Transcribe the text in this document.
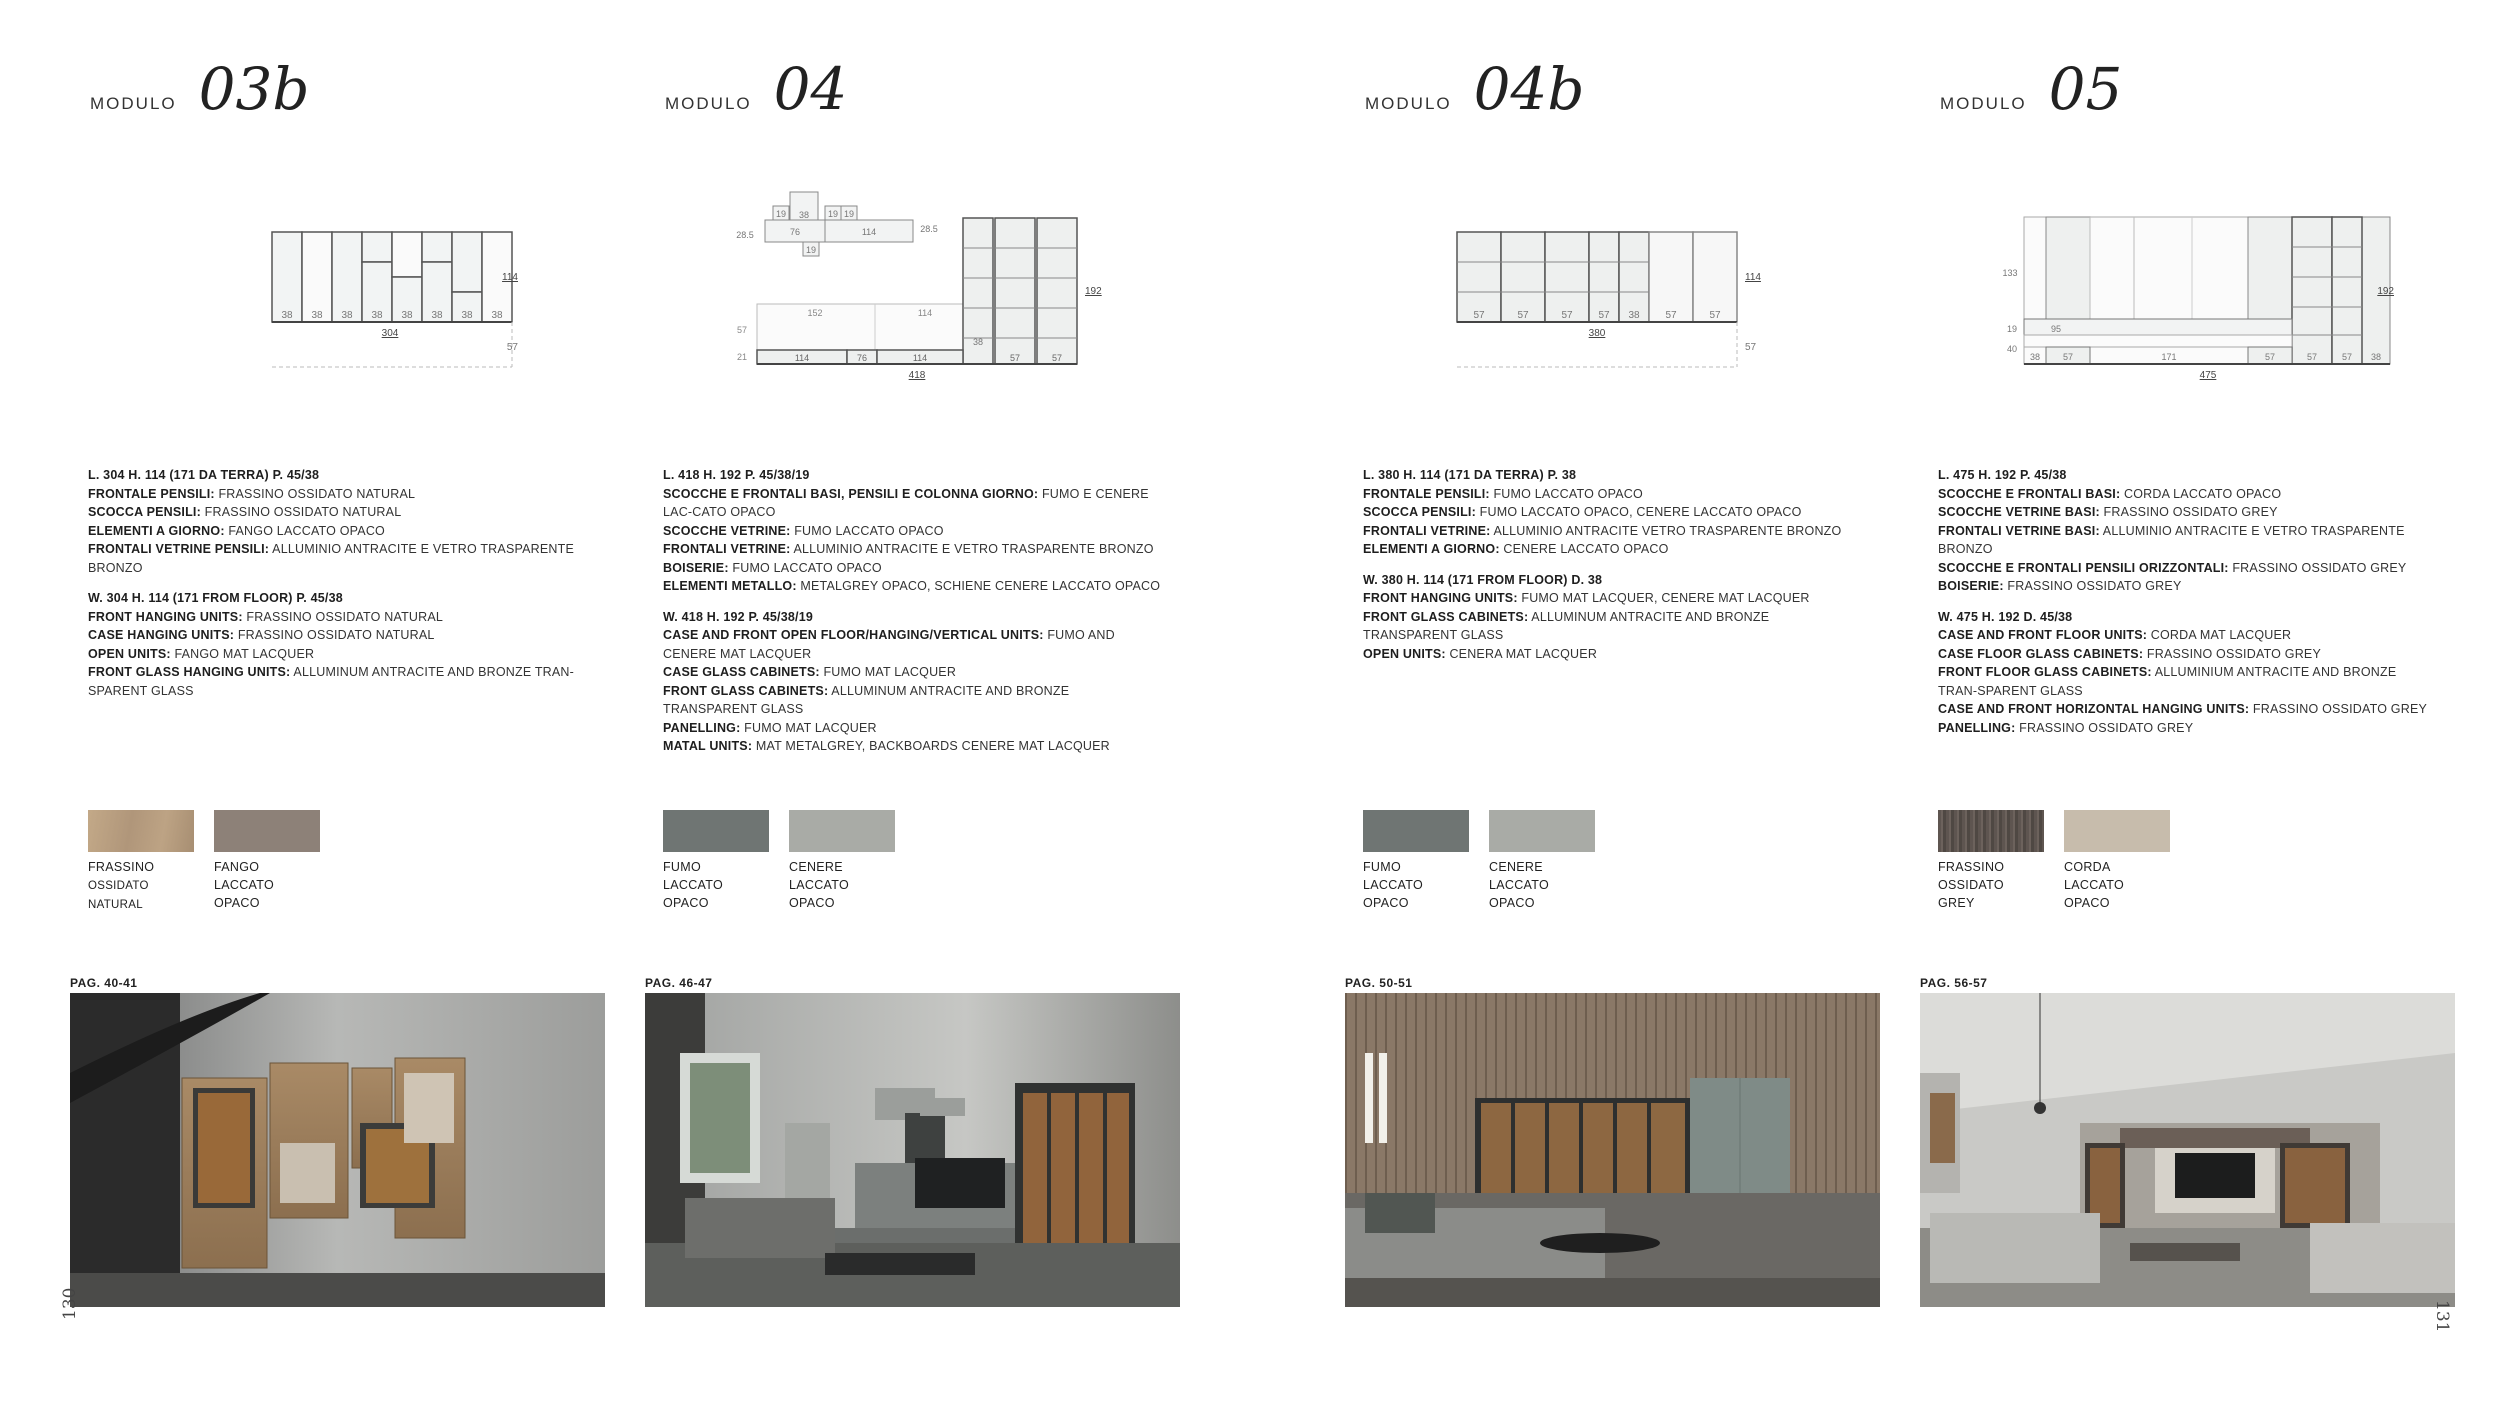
MODULO 03b
38 38 38 38 38 38 38 38
304
114
57

L. 304 H. 114 (171 DA TERRA) P. 45/38

FRONTALE PENSILI: FRASSINO OSSIDATO NATURAL

SCOCCA PENSILI: FRASSINO OSSIDATO NATURAL

ELEMENTI A GIORNO: FANGO LACCATO OPACO

FRONTALI VETRINE PENSILI: ALLUMINIO ANTRACITE E VETRO TRASPARENTE BRONZO

W. 304 H. 114 (171 FROM FLOOR) P. 45/38

FRONT HANGING UNITS: FRASSINO OSSIDATO NATURAL

CASE HANGING UNITS: FRASSINO OSSIDATO NATURAL

OPEN UNITS: FANGO MAT LACQUER

FRONT GLASS HANGING UNITS: ALLUMINUM ANTRACITE AND BRONZE TRAN-SPARENT GLASS

FRASSINO
OSSIDATO NATURAL
FANGO
LACCATO OPACO
PAG. 40-41
MODULO 04
19 38 19 19
76	114
19
28.5
28.5
152	114
57
21
38
114	76	114	57	57
418
192

L. 418 H. 192 P. 45/38/19

SCOCCHE E FRONTALI BASI, PENSILI E COLONNA GIORNO: FUMO E CENERE LAC-CATO OPACO

SCOCCHE VETRINE: FUMO LACCATO OPACO

FRONTALI VETRINE: ALLUMINIO ANTRACITE E VETRO TRASPARENTE BRONZO

BOISERIE: FUMO LACCATO OPACO

ELEMENTI METALLO: METALGREY OPACO, SCHIENE CENERE LACCATO OPACO

W. 418 H. 192 P. 45/38/19

CASE AND FRONT OPEN FLOOR/HANGING/VERTICAL UNITS: FUMO AND CENERE MAT LACQUER

CASE GLASS CABINETS: FUMO MAT LACQUER

FRONT GLASS CABINETS: ALLUMINUM ANTRACITE AND BRONZE TRANSPARENT GLASS

PANELLING: FUMO MAT LACQUER

MATAL UNITS: MAT METALGREY, BACKBOARDS CENERE MAT LACQUER

FUMO
LACCATO OPACO
CENERE
LACCATO OPACO
PAG. 46-47
MODULO 04b
57	57	57	57 38	57	57
380
114
57

L. 380 H. 114 (171 DA TERRA) P. 38

FRONTALE PENSILI: FUMO LACCATO OPACO

SCOCCA PENSILI: FUMO LACCATO OPACO, CENERE LACCATO OPACO

FRONTALI VETRINE: ALLUMINIO ANTRACITE VETRO TRASPARENTE BRONZO

ELEMENTI A GIORNO: CENERE LACCATO OPACO

W. 380 H. 114 (171 FROM FLOOR) D. 38

FRONT HANGING UNITS: FUMO MAT LACQUER, CENERE MAT LACQUER

FRONT GLASS CABINETS: ALLUMINUM ANTRACITE AND BRONZE TRANSPARENT GLASS

OPEN UNITS: CENERA MAT LACQUER

FUMO
LACCATO OPACO
CENERE
LACCATO OPACO
PAG. 50-51
MODULO 05
133
19
40
95
38	57	171	57	57	57 38
475
192

L. 475 H. 192 P. 45/38

SCOCCHE E FRONTALI BASI: CORDA LACCATO OPACO

SCOCCHE VETRINE BASI: FRASSINO OSSIDATO GREY

FRONTALI VETRINE BASI: ALLUMINIO ANTRACITE E VETRO TRASPARENTE BRONZO

SCOCCHE E FRONTALI PENSILI ORIZZONTALI: FRASSINO OSSIDATO GREY

BOISERIE: FRASSINO OSSIDATO GREY

W. 475 H. 192 D. 45/38

CASE AND FRONT FLOOR UNITS: CORDA MAT LACQUER

CASE FLOOR GLASS CABINETS: FRASSINO OSSIDATO GREY

FRONT FLOOR GLASS CABINETS: ALLUMINIUM ANTRACITE AND BRONZE TRAN-SPARENT GLASS

CASE AND FRONT HORIZONTAL HANGING UNITS: FRASSINO OSSIDATO GREY

PANELLING: FRASSINO OSSIDATO GREY

FRASSINO
OSSIDATO GREY
CORDA
LACCATO OPACO
PAG. 56-57
130	131
